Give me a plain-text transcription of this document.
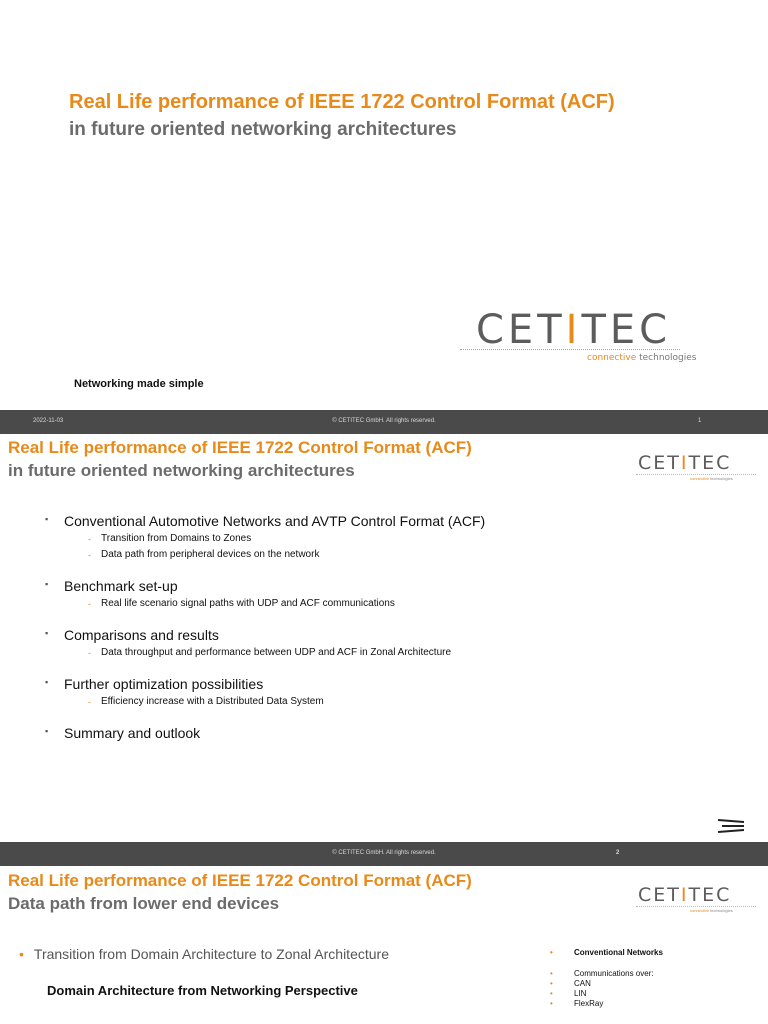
Real Life performance of IEEE 1722 Control Format (ACF)
in future oriented networking architectures
CETITEC
connective technologies
Networking made simple
2022-11-03	© CETITEC GmbH. All rights reserved.	1
Real Life performance of IEEE 1722 Control Format (ACF)
in future oriented networking architectures	CETITEC
connective technologies
▪	Conventional Automotive Networks and AVTP Control Format (ACF)
- Transition from Domains to Zones
- Data path from peripheral devices on the network
▪	Benchmark set-up
- Real life scenario signal paths with UDP and ACF communications
▪	Comparisons and results
- Data throughput and performance between UDP and ACF in Zonal Architecture
▪	Further optimization possibilities
- Efficiency increase with a Distributed Data System
▪	Summary and outlook
© CETITEC GmbH. All rights reserved.	2
Real Life performance of IEEE 1722 Control Format (ACF)
Data path from lower end devices	CETITEC
connective technologies
• Transition from Domain Architecture to Zonal Architecture
Domain Architecture from Networking Perspective
•	Conventional Networks
•	Communications over:
•	CAN
•	LIN
•	FlexRay
